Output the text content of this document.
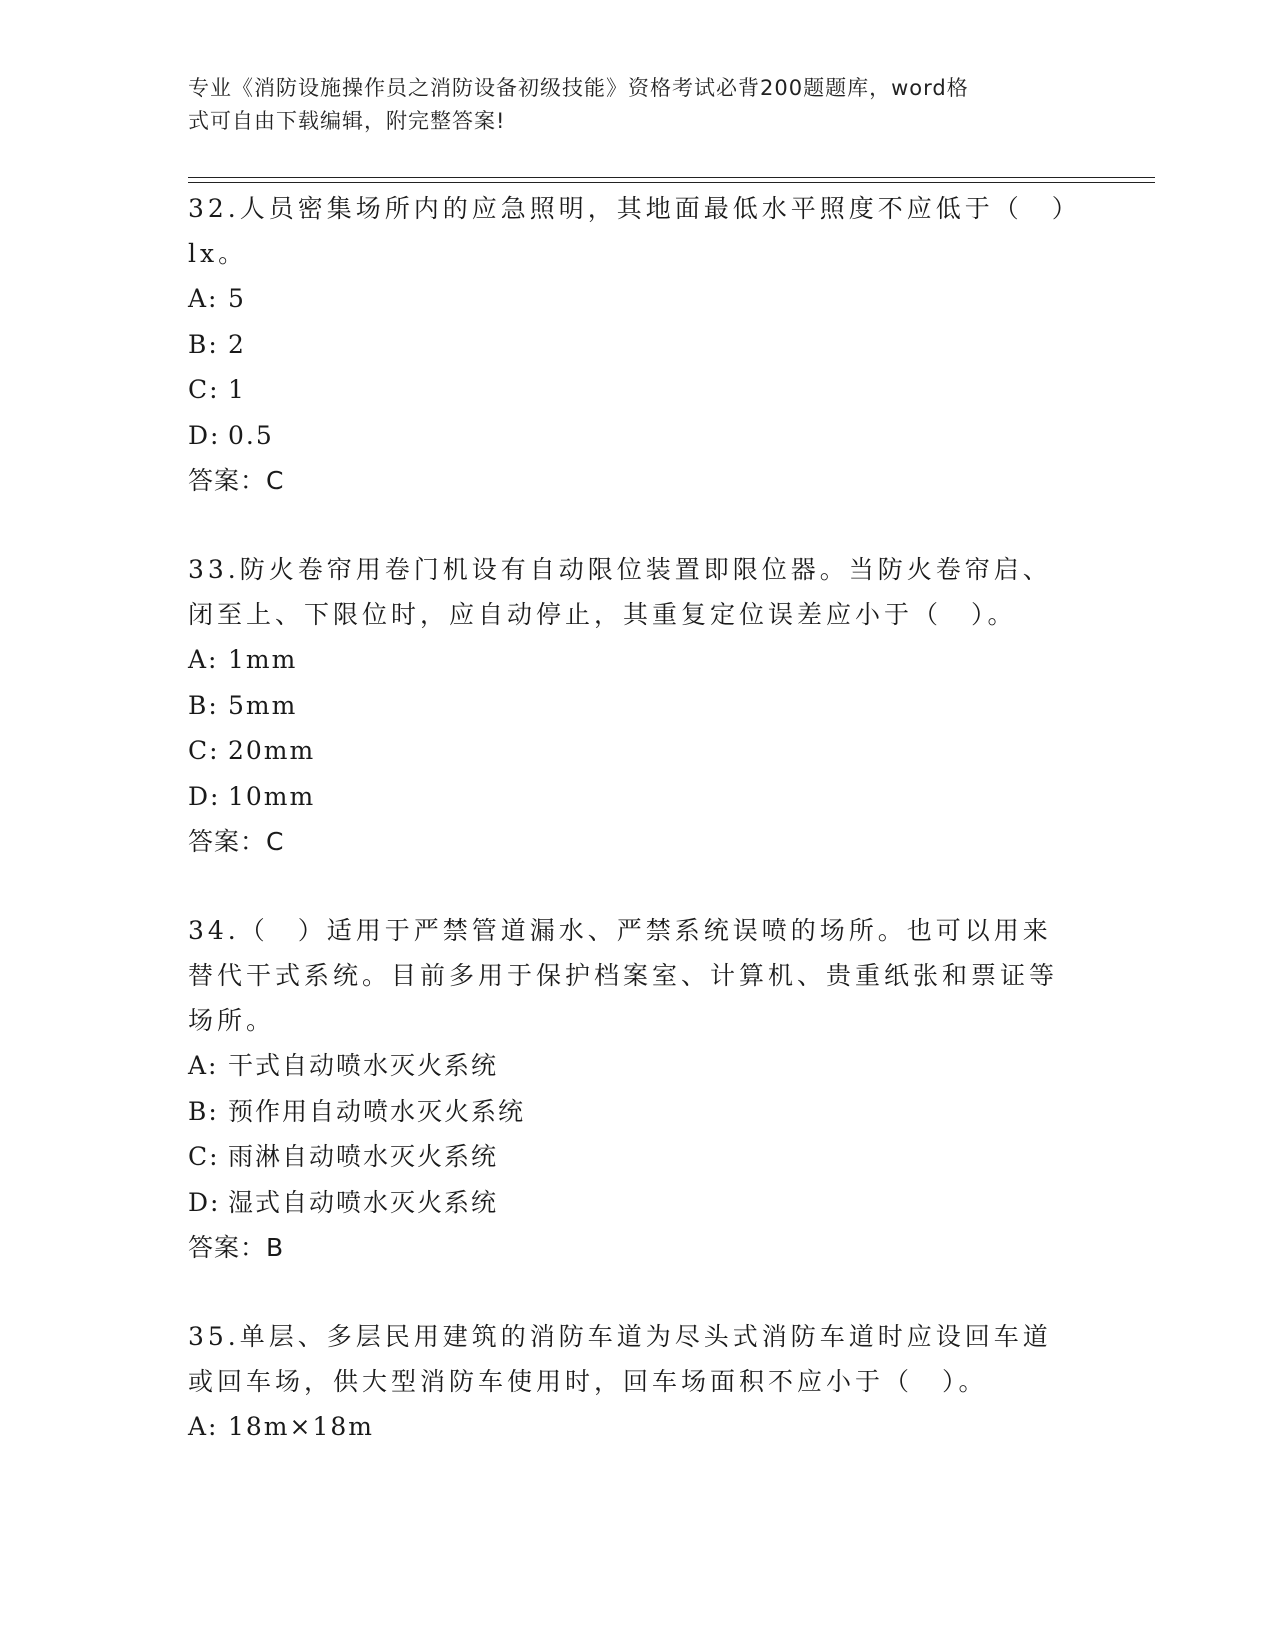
专业《消防设施操作员之消防设备初级技能》资格考试必背200题题库，word格
式可自由下载编辑，附完整答案!

32.人员密集场所内的应急照明，其地面最低水平照度不应低于（　）lx。

A: 5

B: 2

C: 1

D: 0.5

答案：C

33.防火卷帘用卷门机设有自动限位装置即限位器。当防火卷帘启、闭至上、下限位时，应自动停止，其重复定位误差应小于（　）。

A: 1mm

B: 5mm

C: 20mm

D: 10mm

答案：C

34.（　）适用于严禁管道漏水、严禁系统误喷的场所。也可以用来替代干式系统。目前多用于保护档案室、计算机、贵重纸张和票证等场所。

A: 干式自动喷水灭火系统

B: 预作用自动喷水灭火系统

C: 雨淋自动喷水灭火系统

D: 湿式自动喷水灭火系统

答案：B

35.单层、多层民用建筑的消防车道为尽头式消防车道时应设回车道或回车场，供大型消防车使用时，回车场面积不应小于（　）。

A: 18m×18m
